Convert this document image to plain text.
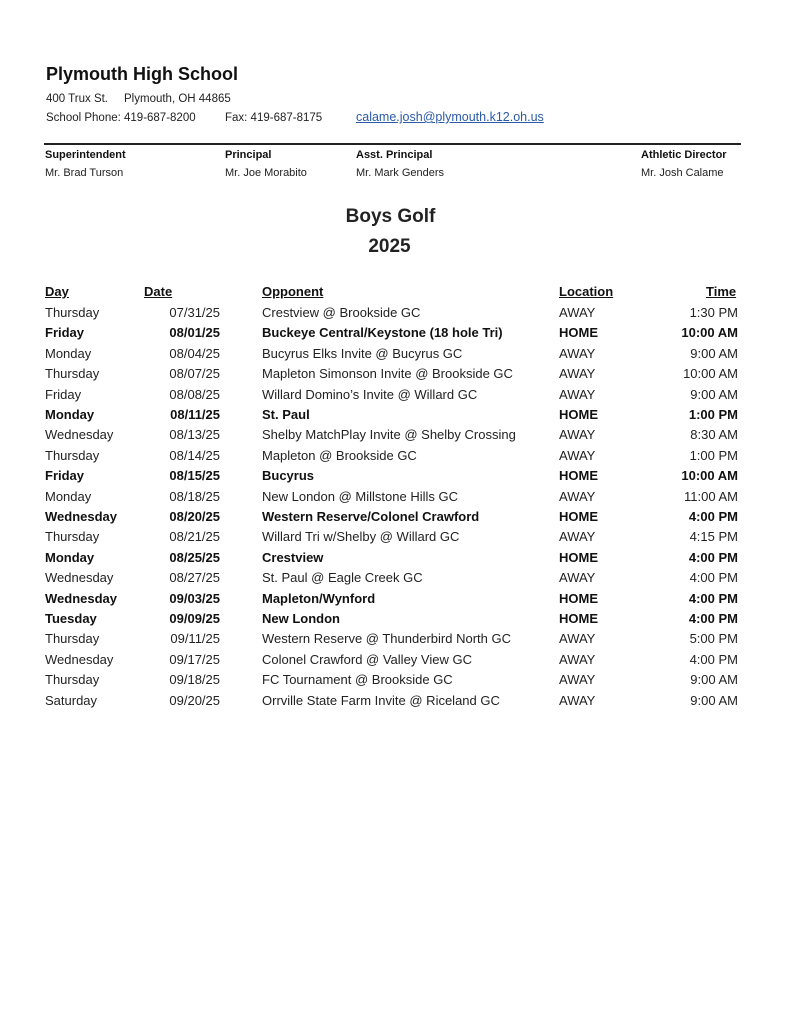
Plymouth High School
400 Trux St. Plymouth, OH 44865
School Phone: 419-687-8200	Fax: 419-687-8175	calame.josh@plymouth.k12.oh.us
Superintendent
Mr. Brad Turson
Principal
Mr. Joe Morabito
Asst. Principal
Mr. Mark Genders
Athletic Director
Mr. Josh Calame
Boys Golf
2025
Day	Date	Opponent	Location	Time
Thursday	07/31/25	Crestview @ Brookside GC	AWAY	1:30 PM
Friday	08/01/25	Buckeye Central/Keystone (18 hole Tri)	HOME	10:00 AM
Monday	08/04/25	Bucyrus Elks Invite @ Bucyrus GC	AWAY	9:00 AM
Thursday	08/07/25	Mapleton Simonson Invite @ Brookside GC	AWAY	10:00 AM
Friday	08/08/25	Willard Domino’s Invite @ Willard GC	AWAY	9:00 AM
Monday	08/11/25	St. Paul	HOME	1:00 PM
Wednesday	08/13/25	Shelby MatchPlay Invite @ Shelby Crossing	AWAY	8:30 AM
Thursday	08/14/25	Mapleton @ Brookside GC	AWAY	1:00 PM
Friday	08/15/25	Bucyrus	HOME	10:00 AM
Monday	08/18/25	New London @ Millstone Hills GC	AWAY	11:00 AM
Wednesday	08/20/25	Western Reserve/Colonel Crawford	HOME	4:00 PM
Thursday	08/21/25	Willard Tri w/Shelby @ Willard GC	AWAY	4:15 PM
Monday	08/25/25	Crestview	HOME	4:00 PM
Wednesday	08/27/25	St. Paul @ Eagle Creek GC	AWAY	4:00 PM
Wednesday	09/03/25	Mapleton/Wynford	HOME	4:00 PM
Tuesday	09/09/25	New London	HOME	4:00 PM
Thursday	09/11/25	Western Reserve @ Thunderbird North GC	AWAY	5:00 PM
Wednesday	09/17/25	Colonel Crawford @ Valley View GC	AWAY	4:00 PM
Thursday	09/18/25	FC Tournament @ Brookside GC	AWAY	9:00 AM
Saturday	09/20/25	Orrville State Farm Invite @ Riceland GC	AWAY	9:00 AM
